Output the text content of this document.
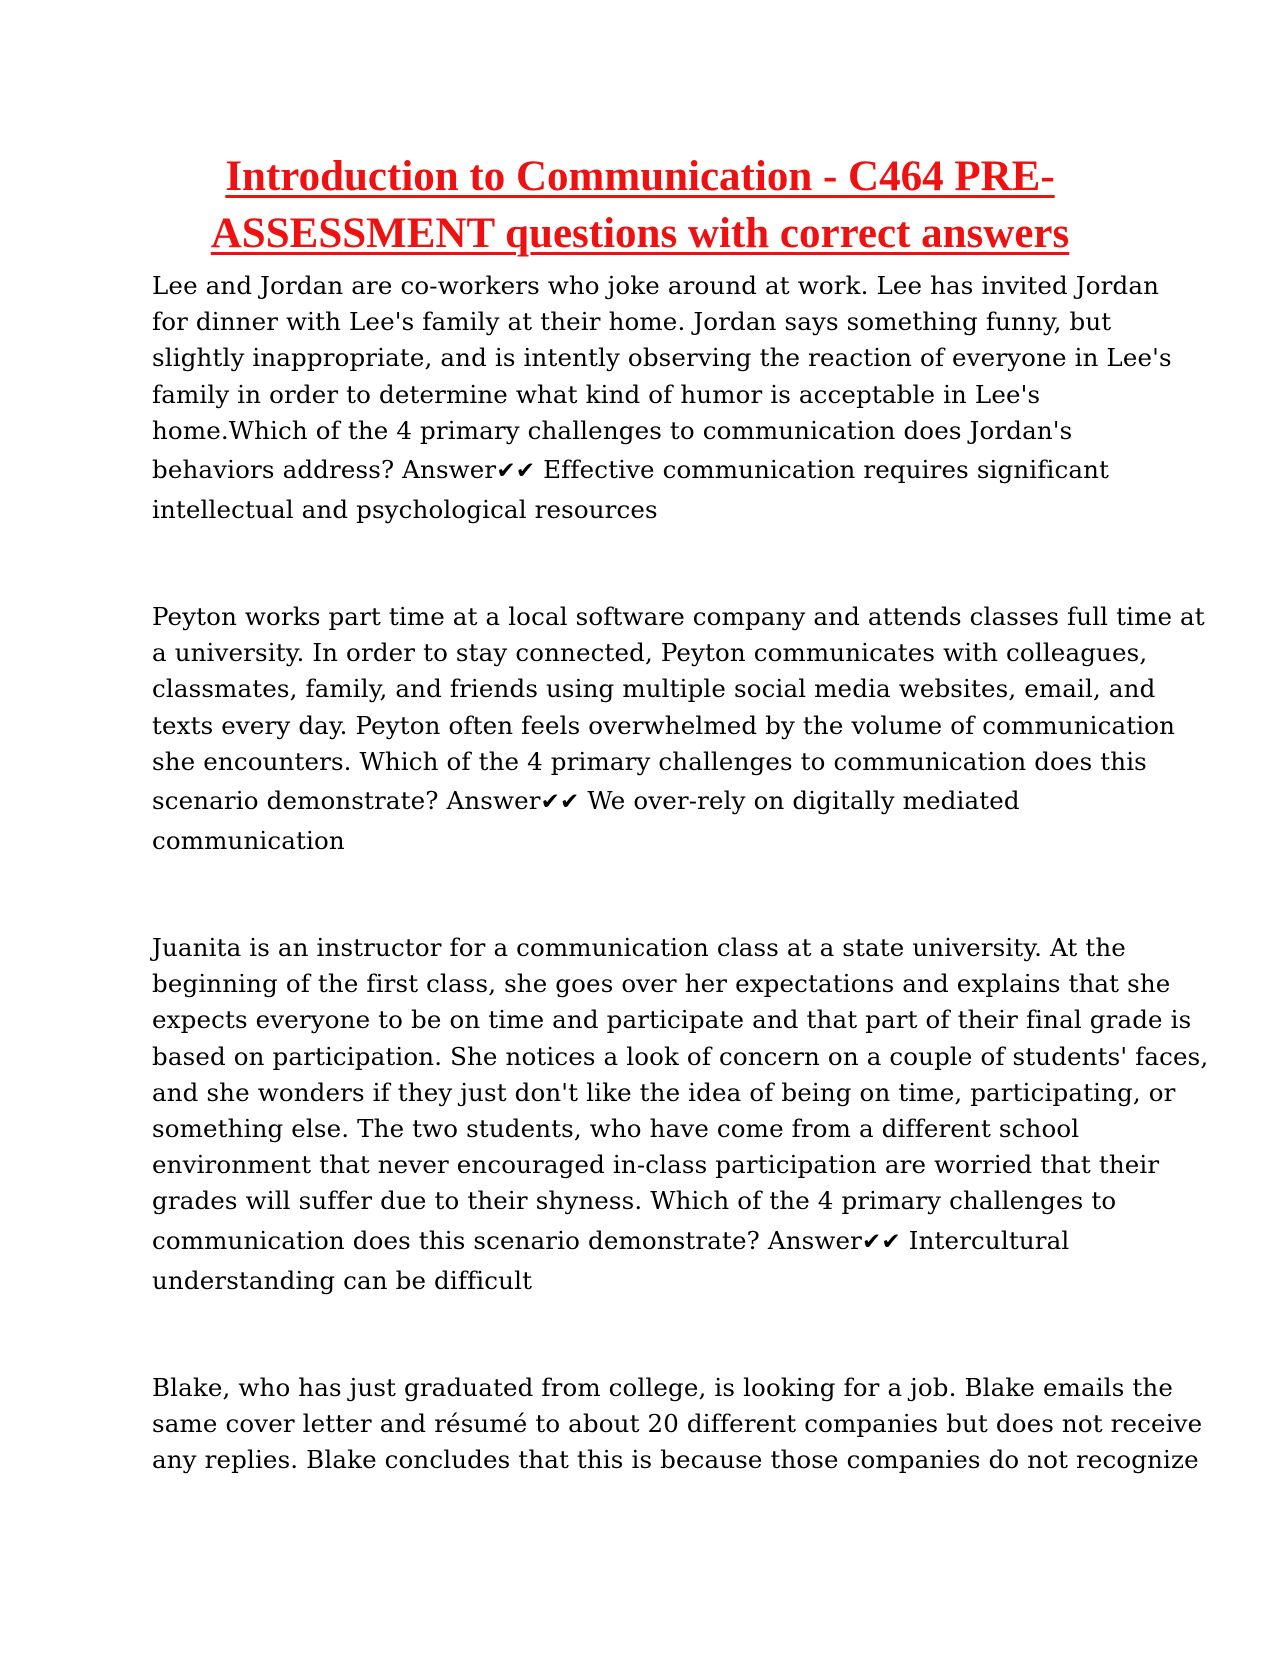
Introduction to Communication - C464 PRE-
ASSESSMENT questions with correct answers

Lee and Jordan are co-workers who joke around at work. Lee has invited Jordan
for dinner with Lee's family at their home. Jordan says something funny, but
slightly inappropriate, and is intently observing the reaction of everyone in Lee's
family in order to determine what kind of humor is acceptable in Lee's
home.Which of the 4 primary challenges to communication does Jordan's
behaviors address? Answer✔✔ Effective communication requires significant
intellectual and psychological resources

Peyton works part time at a local software company and attends classes full time at
a university. In order to stay connected, Peyton communicates with colleagues,
classmates, family, and friends using multiple social media websites, email, and
texts every day. Peyton often feels overwhelmed by the volume of communication
she encounters. Which of the 4 primary challenges to communication does this
scenario demonstrate? Answer✔✔ We over-rely on digitally mediated
communication

Juanita is an instructor for a communication class at a state university. At the
beginning of the first class, she goes over her expectations and explains that she
expects everyone to be on time and participate and that part of their final grade is
based on participation. She notices a look of concern on a couple of students' faces,
and she wonders if they just don't like the idea of being on time, participating, or
something else. The two students, who have come from a different school
environment that never encouraged in-class participation are worried that their
grades will suffer due to their shyness. Which of the 4 primary challenges to
communication does this scenario demonstrate? Answer✔✔ Intercultural
understanding can be difficult

Blake, who has just graduated from college, is looking for a job. Blake emails the
same cover letter and résumé to about 20 different companies but does not receive
any replies. Blake concludes that this is because those companies do not recognize
